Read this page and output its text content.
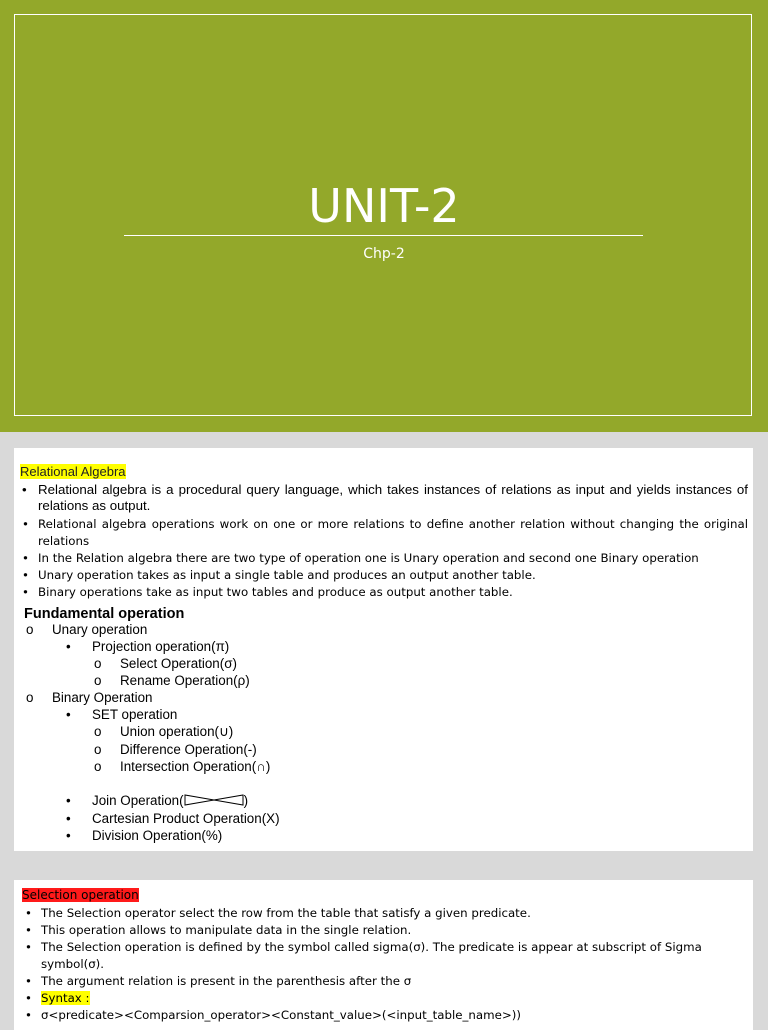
UNIT-2
Chp-2
Relational Algebra
• Relational algebra is a procedural query language, which takes instances of relations as input and yields instances of relations as output.
• Relational algebra operations work on one or more relations to define another relation without changing the original relations
• In the Relation algebra there are two type of operation one is Unary operation and second one Binary operation
• Unary operation takes as input a single table and produces an output another table.
• Binary operations take as input two tables and produce as output another table.
Fundamental operation
o Unary operation
• Projection operation(π)
o Select Operation(σ)
o Rename Operation(ρ)
o Binary Operation
• SET operation
o Union operation(∪)
o Difference Operation(-)
o Intersection Operation(∩)
• Join Operation(	)
• Cartesian Product Operation(X)
• Division Operation(%)
Selection operation
• The Selection operator select the row from the table that satisfy a given predicate.
• This operation allows to manipulate data in the single relation.
• The Selection operation is defined by the symbol called sigma(σ). The predicate is appear at subscript of Sigma symbol(σ).
• The argument relation is present in the parenthesis after the σ
• Syntax :
• σ<predicate><Comparsion_operator><Constant_value>(<input_table_name>))
